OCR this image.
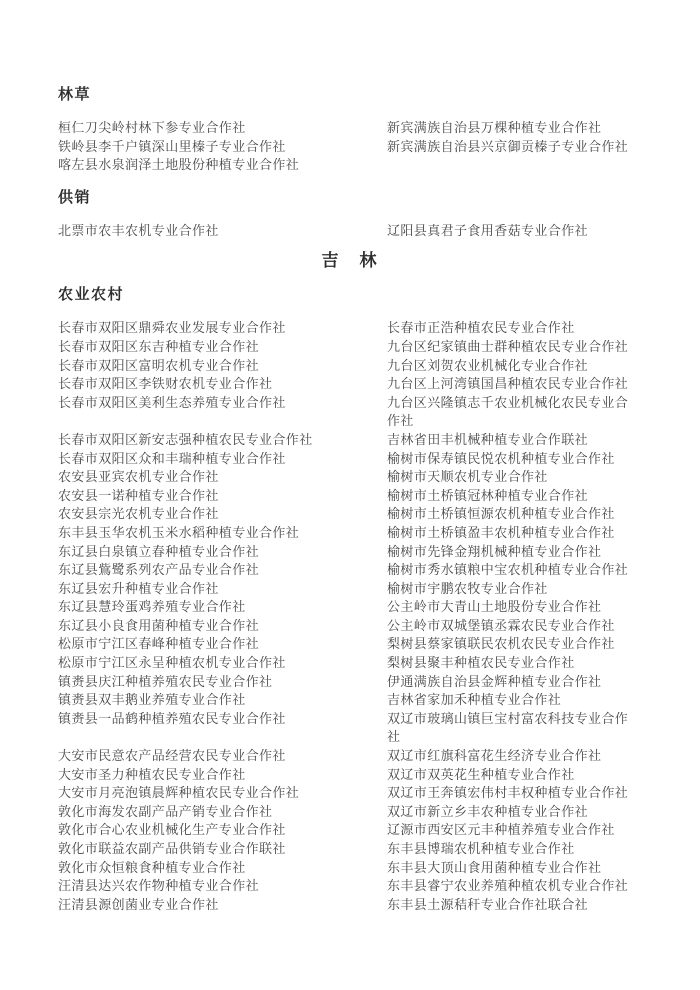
林草
桓仁刀尖岭村林下参专业合作社	新宾满族自治县万棵种植专业合作社
铁岭县李千户镇深山里榛子专业合作社	新宾满族自治县兴京御贡榛子专业合作社
喀左县水泉润泽土地股份种植专业合作社
供销
北票市农丰农机专业合作社	辽阳县真君子食用香菇专业合作社
吉　林
农业农村
长春市双阳区鼎舜农业发展专业合作社	长春市正浩种植农民专业合作社
长春市双阳区东吉种植专业合作社	九台区纪家镇曲士群种植农民专业合作社
长春市双阳区富明农机专业合作社	九台区刘贺农业机械化专业合作社
长春市双阳区李铁财农机专业合作社	九台区上河湾镇国昌种植农民专业合作社
长春市双阳区美利生态养殖专业合作社	九台区兴隆镇志千农业机械化农民专业合作社
长春市双阳区新安志强种植农民专业合作社	吉林省田丰机械种植专业合作联社
长春市双阳区众和丰瑞种植专业合作社	榆树市保寿镇民悦农机种植专业合作社
农安县亚宾农机专业合作社	榆树市天顺农机专业合作社
农安县一诺种植专业合作社	榆树市土桥镇冠林种植专业合作社
农安县宗光农机专业合作社	榆树市土桥镇恒源农机种植专业合作社
东丰县玉华农机玉米水稻种植专业合作社	榆树市土桥镇盈丰农机种植专业合作社
东辽县白泉镇立春种植专业合作社	榆树市先锋金翔机械种植专业合作社
东辽县鴜鹭系列农产品专业合作社	榆树市秀水镇粮中宝农机种植专业合作社
东辽县宏升种植专业合作社	榆树市宇鹏农牧专业合作社
东辽县慧玲蛋鸡养殖专业合作社	公主岭市大青山土地股份专业合作社
东辽县小良食用菌种植专业合作社	公主岭市双城堡镇丞霖农民专业合作社
松原市宁江区春峰种植专业合作社	梨树县蔡家镇联民农机农民专业合作社
松原市宁江区永呈种植农机专业合作社	梨树县聚丰种植农民专业合作社
镇赉县庆江种植养殖农民专业合作社	伊通满族自治县金辉种植专业合作社
镇赉县双丰鹅业养殖专业合作社	吉林省家加禾种植专业合作社
镇赉县一品鹤种植养殖农民专业合作社	双辽市玻璃山镇巨宝村富农科技专业合作社
大安市民意农产品经营农民专业合作社	双辽市红旗科富花生经济专业合作社
大安市圣力种植农民专业合作社	双辽市双英花生种植专业合作社
大安市月亮泡镇晨辉种植农民专业合作社	双辽市王奔镇宏伟村丰权种植专业合作社
敦化市海发农副产品产销专业合作社	双辽市新立乡丰农种植专业合作社
敦化市合心农业机械化生产专业合作社	辽源市西安区元丰种植养殖专业合作社
敦化市联益农副产品供销专业合作联社	东丰县博瑞农机种植专业合作社
敦化市众恒粮食种植专业合作社	东丰县大顶山食用菌种植专业合作社
汪清县达兴农作物种植专业合作社	东丰县睿宁农业养殖种植农机专业合作社
汪清县源创菌业专业合作社	东丰县土源秸秆专业合作社联合社
